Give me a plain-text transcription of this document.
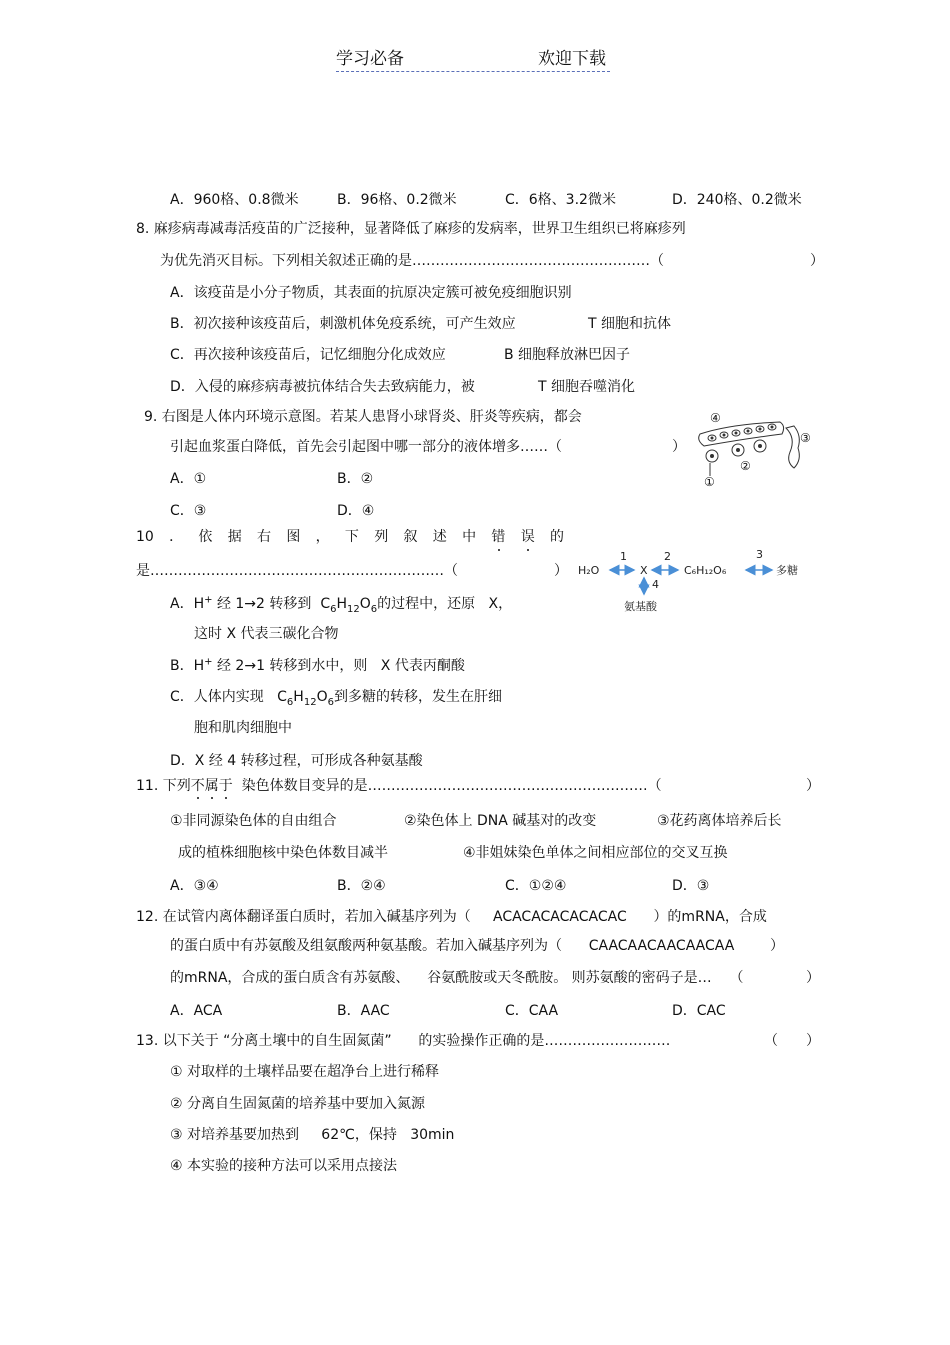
学习必备	欢迎下载
A．960格、0.8微米	B．96格、0.2微米	C．6格、3.2微米	D．240格、0.2微米
8. 麻疹病毒减毒活疫苗的广泛接种，显著降低了麻疹的发病率，世界卫生组织已将麻疹列
为优先消灭目标。下列相关叙述正确的是……………………………………………（	）
A．该疫苗是小分子物质，其表面的抗原决定簇可被免疫细胞识别
B．初次接种该疫苗后，刺激机体免疫系统，可产生效应	T 细胞和抗体
C．再次接种该疫苗后，记忆细胞分化成效应	B 细胞释放淋巴因子
D．入侵的麻疹病毒被抗体结合失去致病能力，被	T 细胞吞噬消化
9. 右图是人体内环境示意图。若某人患肾小球肾炎、肝炎等疾病，都会
引起血浆蛋白降低，首先会引起图中哪一部分的液体增多……（	）
A．①	B．②
C．③	D．④
④
②
③
①
10 ． 依 据 右 图 ， 下 列 叙 述 中 错 误 的
是………………………………………………………（	）
A．H+ 经 1→2 转移到 $C_6H_{12}O_6$的过程中，还原 X，
这时 X 代表三碳化合物
B．H+ 经 2→1 转移到水中，则 X 代表丙酮酸
C．人体内实现 $C_6H_{12}O_6$到多糖的转移，发生在肝细
胞和肌肉细胞中
D．X 经 4 转移过程，可形成各种氨基酸
H₂O	X	C₆H₁₂O₆	多糖
1	2	3
4
氨基酸
11. 下列不属于 染色体数目变异的是……………………………………………………（	）
①非同源染色体的自由组合	②染色体上 DNA 碱基对的改变	③花药离体培养后长
成的植株细胞核中染色体数目减半	④非姐妹染色单体之间相应部位的交叉互换
A．③④	B．②④	C．①②④	D．③
12. 在试管内离体翻译蛋白质时，若加入碱基序列为（ ACACACACACACAC ）的mRNA，合成
的蛋白质中有苏氨酸及组氨酸两种氨基酸。若加入碱基序列为（ CAACAACAACAACAA	）
的mRNA，合成的蛋白质含有苏氨酸、 谷氨酰胺或天冬酰胺。 则苏氨酸的密码子是… （	）
A．ACA	B．AAC	C．CAA	D．CAC
13. 以下关于 “分离土壤中的自生固氮菌” 的实验操作正确的是………………………	（ ）
① 对取样的土壤样品要在超净台上进行稀释
② 分离自生固氮菌的培养基中要加入氮源
③ 对培养基要加热到 62℃，保持 30min
④ 本实验的接种方法可以采用点接法
